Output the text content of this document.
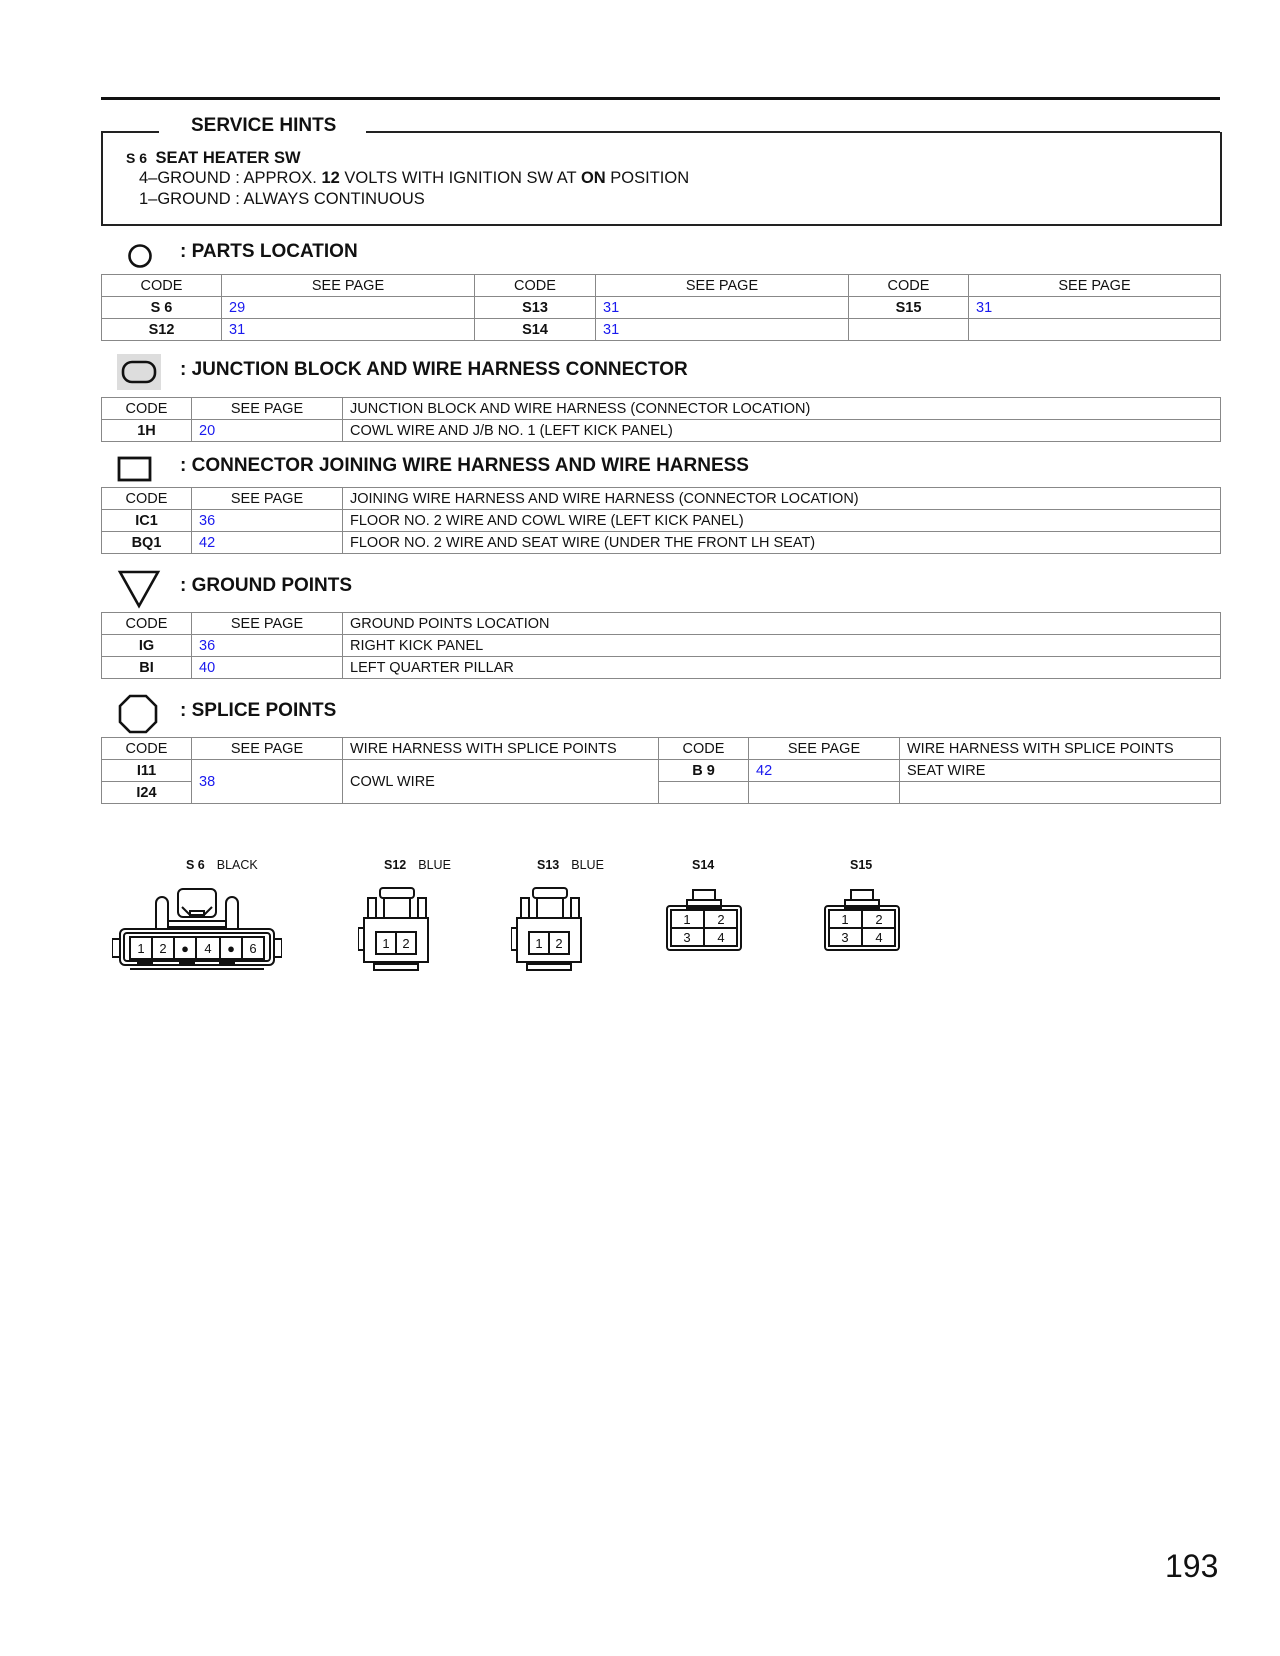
SERVICE HINTS
S 6 SEAT HEATER SW
4–GROUND : APPROX. 12 VOLTS WITH IGNITION SW AT ON POSITION
1–GROUND : ALWAYS CONTINUOUS
: PARTS LOCATION
CODE	SEE PAGE	CODE	SEE PAGE	CODE	SEE PAGE
S 6	29	S13	31	S15	31
S12	31	S14	31		
: JUNCTION BLOCK AND WIRE HARNESS CONNECTOR
CODE	SEE PAGE	JUNCTION BLOCK AND WIRE HARNESS (CONNECTOR LOCATION)
1H	20	COWL WIRE AND J/B NO. 1 (LEFT KICK PANEL)
: CONNECTOR JOINING WIRE HARNESS AND WIRE HARNESS
CODE	SEE PAGE	JOINING WIRE HARNESS AND WIRE HARNESS (CONNECTOR LOCATION)
IC1	36	FLOOR NO. 2 WIRE AND COWL WIRE (LEFT KICK PANEL)
BQ1	42	FLOOR NO. 2 WIRE AND SEAT WIRE (UNDER THE FRONT LH SEAT)
: GROUND POINTS
CODE	SEE PAGE	GROUND POINTS LOCATION
IG	36	RIGHT KICK PANEL
BI	40	LEFT QUARTER PILLAR
: SPLICE POINTS
CODE	SEE PAGE	WIRE HARNESS WITH SPLICE POINTS	CODE	SEE PAGE	WIRE HARNESS WITH SPLICE POINTS
I11	38	COWL WIRE	B 9	42	SEAT WIRE
I24					
S 6 BLACK
1 2 ● 4 ● 6
S12 BLUE
1 2
S13 BLUE
1 2
S14
1 2
3 4
S15
1 2
3 4
193
